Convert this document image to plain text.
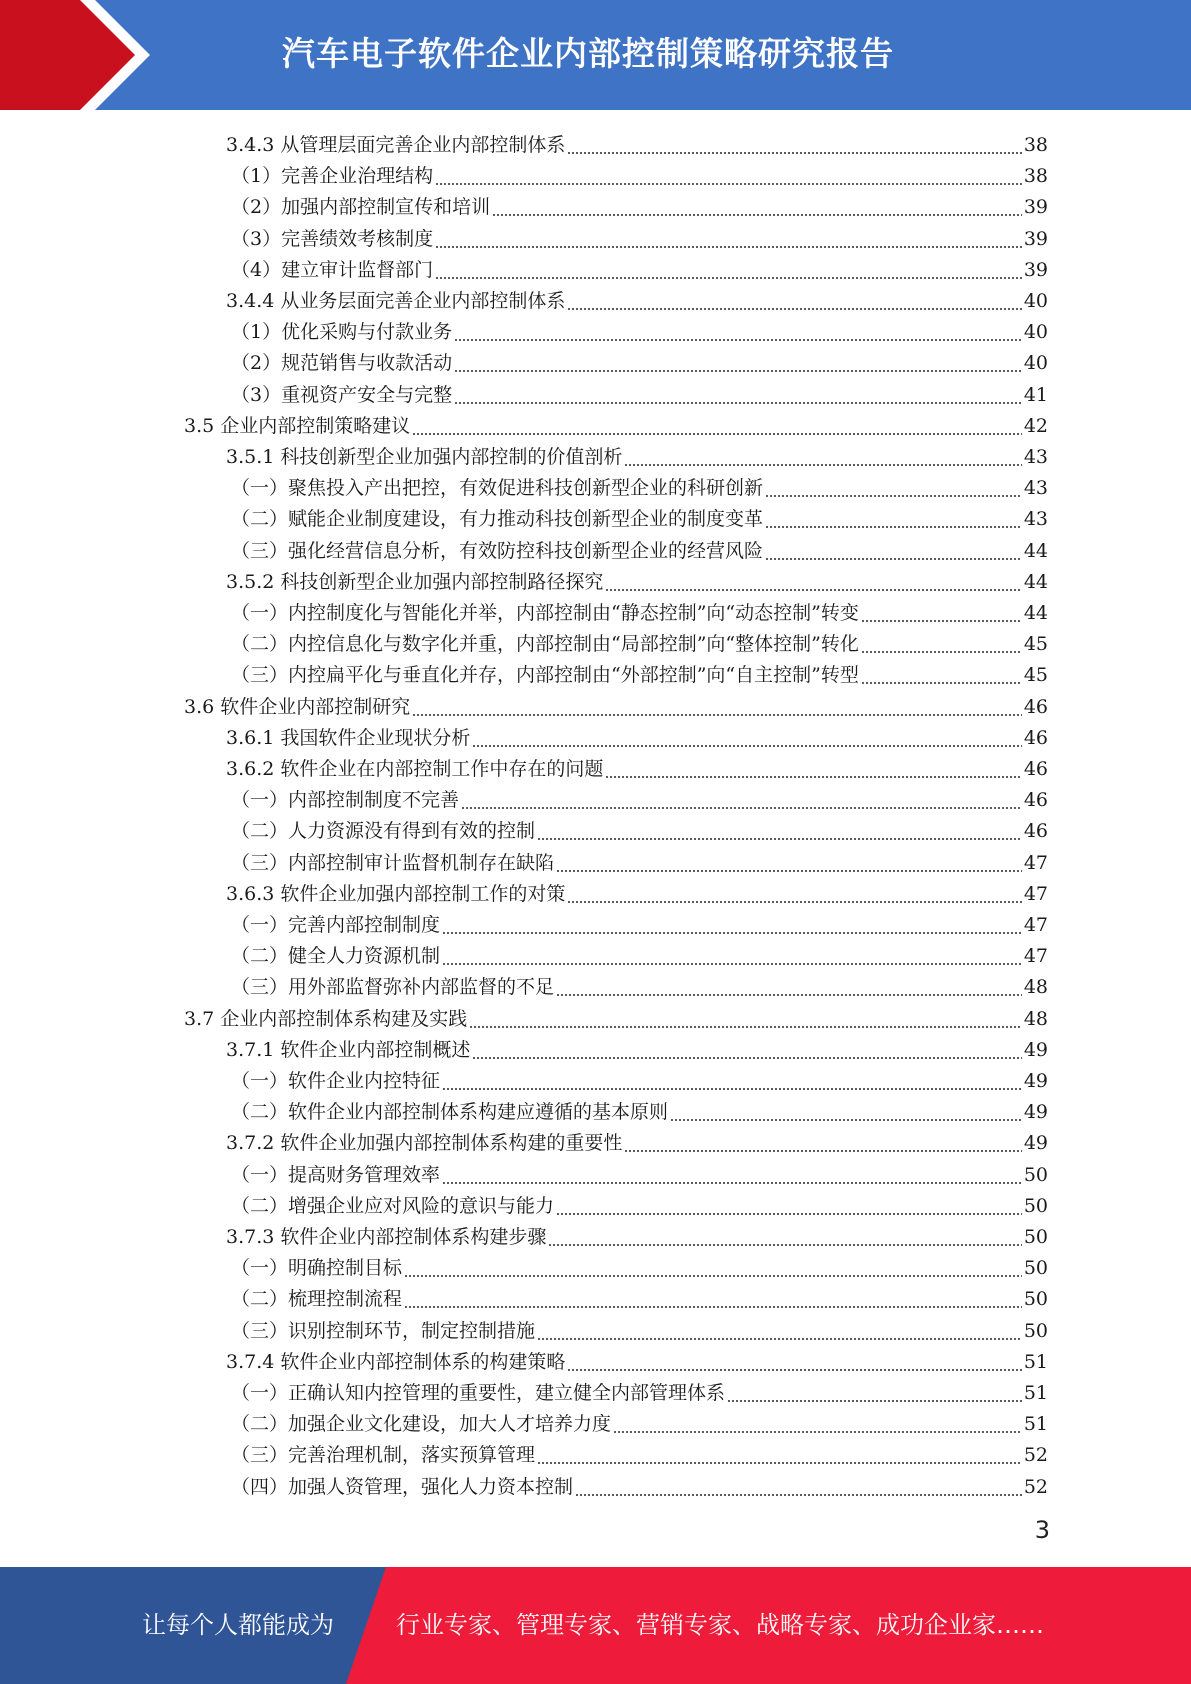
汽车电子软件企业内部控制策略研究报告
3.4.3 从管理层面完善企业内部控制体系	38
（1）完善企业治理结构	38
（2）加强内部控制宣传和培训	39
（3）完善绩效考核制度	39
（4）建立审计监督部门	39
3.4.4 从业务层面完善企业内部控制体系	40
（1）优化采购与付款业务	40
（2）规范销售与收款活动	40
（3）重视资产安全与完整	41
3.5 企业内部控制策略建议	42
3.5.1 科技创新型企业加强内部控制的价值剖析	43
（一）聚焦投入产出把控，有效促进科技创新型企业的科研创新	43
（二）赋能企业制度建设，有力推动科技创新型企业的制度变革	43
（三）强化经营信息分析，有效防控科技创新型企业的经营风险	44
3.5.2 科技创新型企业加强内部控制路径探究	44
（一）内控制度化与智能化并举，内部控制由“静态控制”向“动态控制”转变	44
（二）内控信息化与数字化并重，内部控制由“局部控制”向“整体控制”转化	45
（三）内控扁平化与垂直化并存，内部控制由“外部控制”向“自主控制”转型	45
3.6 软件企业内部控制研究	46
3.6.1 我国软件企业现状分析	46
3.6.2 软件企业在内部控制工作中存在的问题	46
（一）内部控制制度不完善	46
（二）人力资源没有得到有效的控制	46
（三）内部控制审计监督机制存在缺陷	47
3.6.3 软件企业加强内部控制工作的对策	47
（一）完善内部控制制度	47
（二）健全人力资源机制	47
（三）用外部监督弥补内部监督的不足	48
3.7 企业内部控制体系构建及实践	48
3.7.1 软件企业内部控制概述	49
（一）软件企业内控特征	49
（二）软件企业内部控制体系构建应遵循的基本原则	49
3.7.2 软件企业加强内部控制体系构建的重要性	49
（一）提高财务管理效率	50
（二）增强企业应对风险的意识与能力	50
3.7.3 软件企业内部控制体系构建步骤	50
（一）明确控制目标	50
（二）梳理控制流程	50
（三）识别控制环节，制定控制措施	50
3.7.4 软件企业内部控制体系的构建策略	51
（一）正确认知内控管理的重要性，建立健全内部管理体系	51
（二）加强企业文化建设，加大人才培养力度	51
（三）完善治理机制，落实预算管理	52
（四）加强人资管理，强化人力资本控制	52
3
让每个人都能成为	行业专家、管理专家、营销专家、战略专家、成功企业家……
